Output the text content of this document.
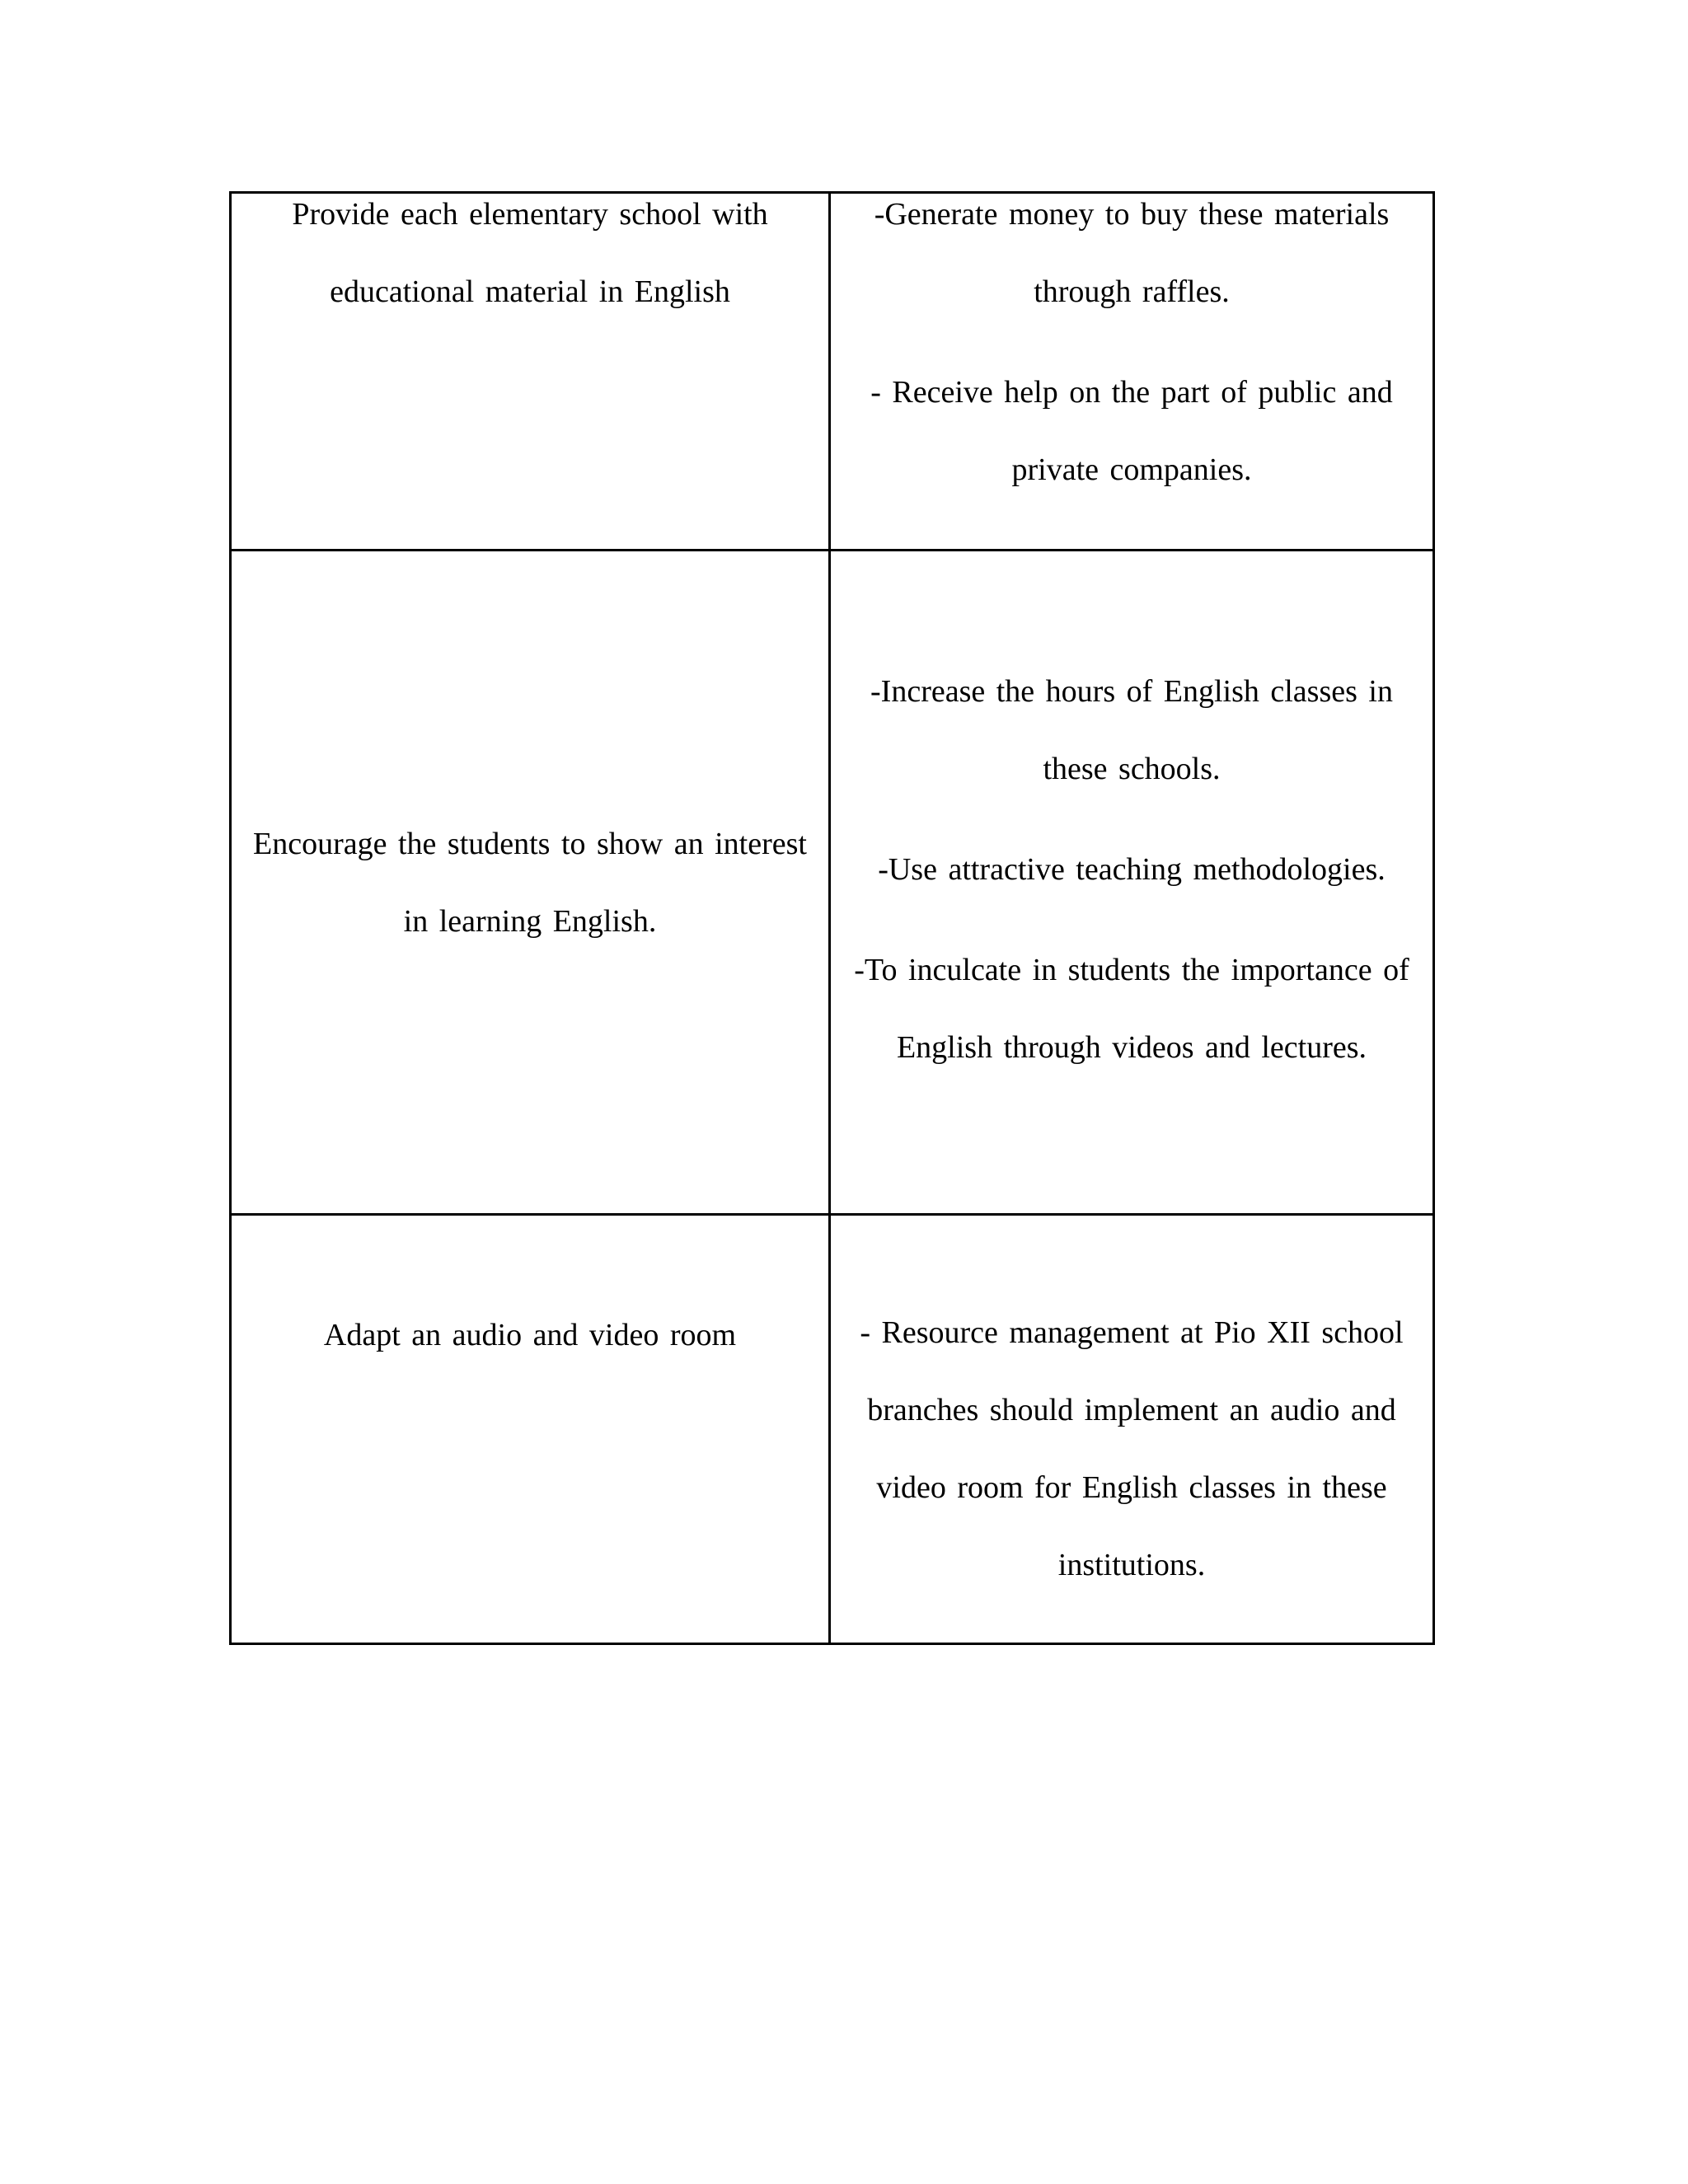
Provide each elementary school with educational material in English	-Generate money to buy these materials through raffles.

- Receive help on the part of public and private companies.

Encourage the students to show an interest in learning English.	-Increase the hours of English classes in these schools.

-Use attractive teaching methodologies.

-To inculcate in students the importance of English through videos and lectures.

Adapt an audio and video room	- Resource management at Pio XII school branches should implement an audio and video room for English classes in these institutions.
